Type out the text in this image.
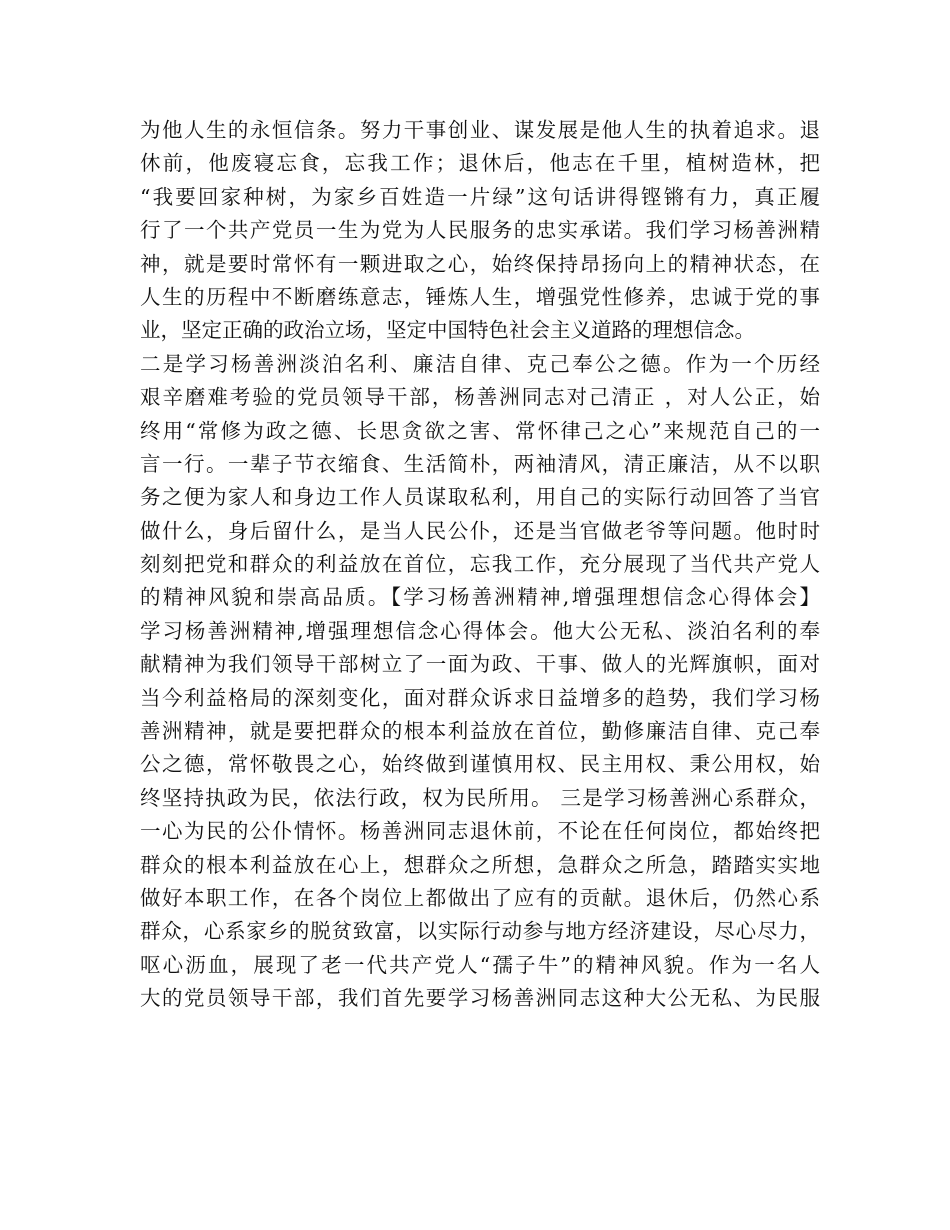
为他人生的永恒信条。努力干事创业、谋发展是他人生的执着追求。退
休前，他废寝忘食，忘我工作；退休后，他志在千里，植树造林，把
“我要回家种树，为家乡百姓造一片绿”这句话讲得铿锵有力，真正履
行了一个共产党员一生为党为人民服务的忠实承诺。我们学习杨善洲精
神，就是要时常怀有一颗进取之心，始终保持昂扬向上的精神状态，在
人生的历程中不断磨练意志，锤炼人生，增强党性修养，忠诚于党的事
业，坚定正确的政治立场，坚定中国特色社会主义道路的理想信念。
二是学习杨善洲淡泊名利、廉洁自律、克己奉公之德。作为一个历经
艰辛磨难考验的党员领导干部，杨善洲同志对己清正 ，对人公正，始
终用“常修为政之德、长思贪欲之害、常怀律己之心”来规范自己的一
言一行。一辈子节衣缩食、生活简朴，两袖清风，清正廉洁，从不以职
务之便为家人和身边工作人员谋取私利，用自己的实际行动回答了当官
做什么，身后留什么，是当人民公仆，还是当官做老爷等问题。他时时
刻刻把党和群众的利益放在首位，忘我工作，充分展现了当代共产党人
的精神风貌和崇高品质。【学习杨善洲精神,增强理想信念心得体会】
学习杨善洲精神,增强理想信念心得体会。他大公无私、淡泊名利的奉
献精神为我们领导干部树立了一面为政、干事、做人的光辉旗帜，面对
当今利益格局的深刻变化，面对群众诉求日益增多的趋势，我们学习杨
善洲精神，就是要把群众的根本利益放在首位，勤修廉洁自律、克己奉
公之德，常怀敬畏之心，始终做到谨慎用权、民主用权、秉公用权，始
终坚持执政为民，依法行政，权为民所用。 三是学习杨善洲心系群众，
一心为民的公仆情怀。杨善洲同志退休前，不论在任何岗位，都始终把
群众的根本利益放在心上，想群众之所想，急群众之所急，踏踏实实地
做好本职工作，在各个岗位上都做出了应有的贡献。退休后，仍然心系
群众，心系家乡的脱贫致富，以实际行动参与地方经济建设，尽心尽力，
呕心沥血，展现了老一代共产党人“孺子牛”的精神风貌。作为一名人
大的党员领导干部，我们首先要学习杨善洲同志这种大公无私、为民服
